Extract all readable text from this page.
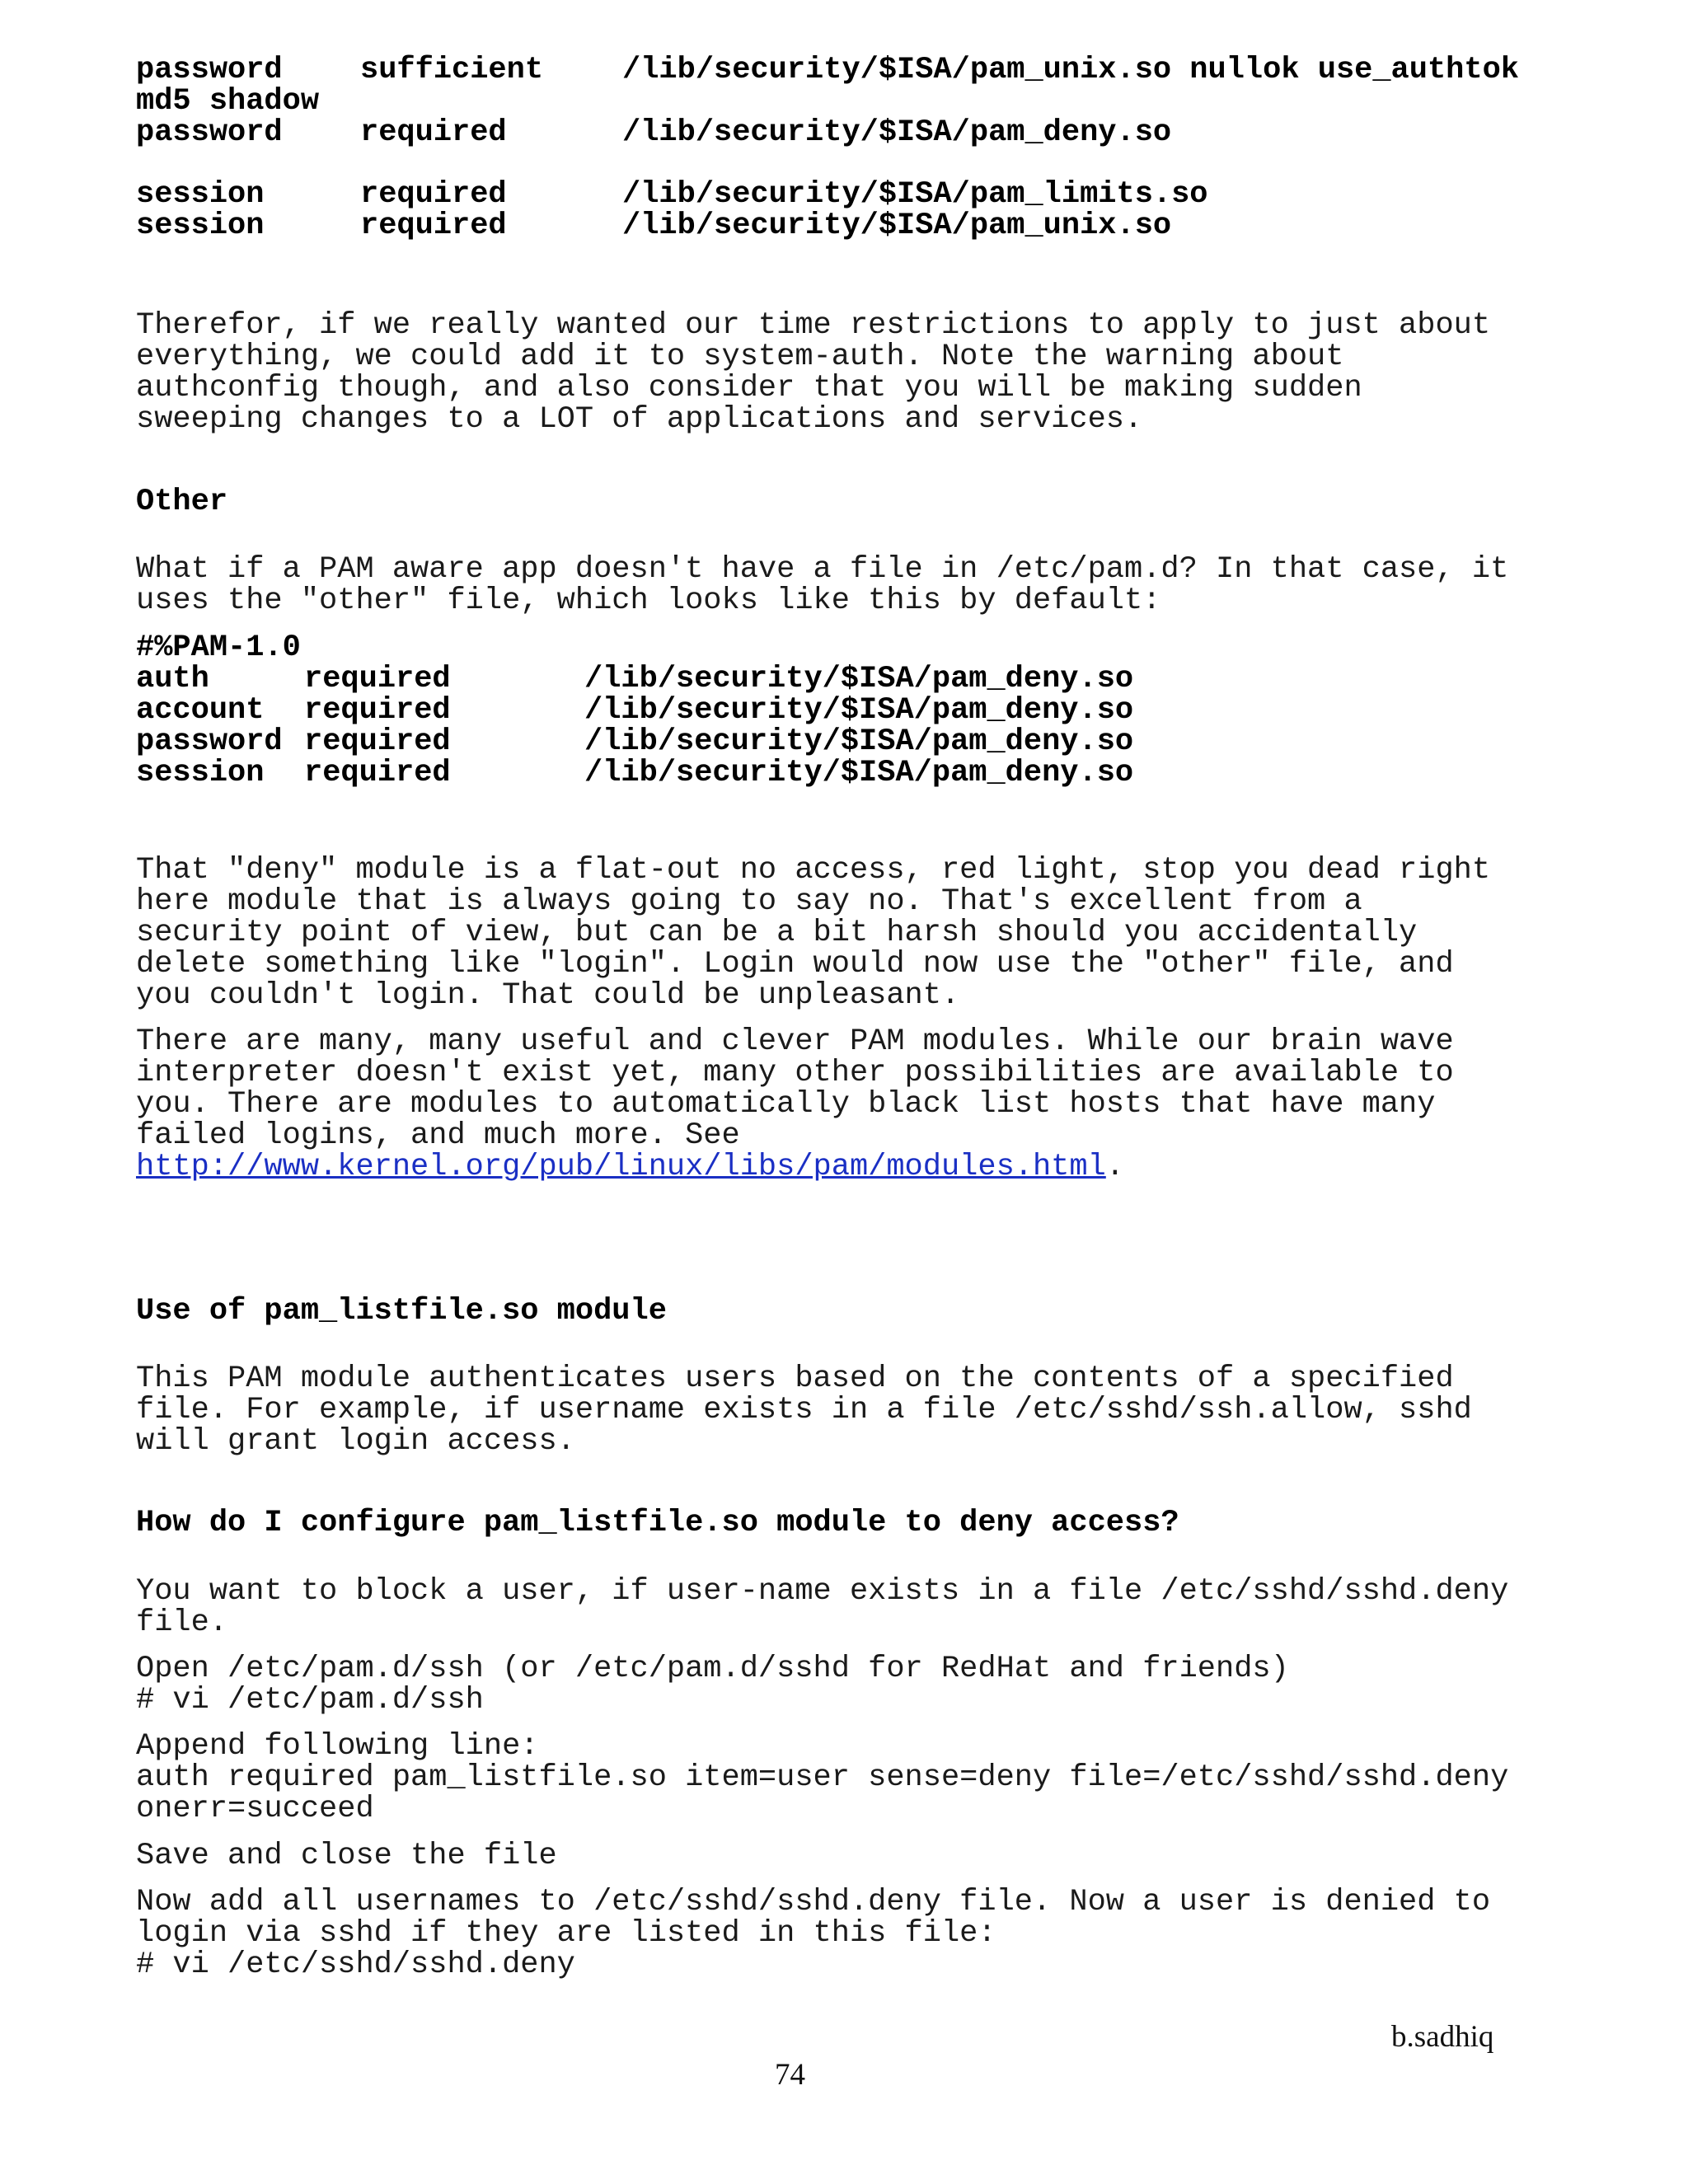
password	sufficient	/lib/security/$ISA/pam_unix.so nullok use_authtok
md5 shadow
password	required	/lib/security/$ISA/pam_deny.so
session	required	/lib/security/$ISA/pam_limits.so
session	required	/lib/security/$ISA/pam_unix.so
Therefor, if we really wanted our time restrictions to apply to just about
everything, we could add it to system-auth. Note the warning about
authconfig though, and also consider that you will be making sudden
sweeping changes to a LOT of applications and services.
Other
What if a PAM aware app doesn't have a file in /etc/pam.d? In that case, it
uses the "other" file, which looks like this by default:
#%PAM-1.0
auth	required	/lib/security/$ISA/pam_deny.so
account required	/lib/security/$ISA/pam_deny.so
password required	/lib/security/$ISA/pam_deny.so
session required	/lib/security/$ISA/pam_deny.so
That "deny" module is a flat-out no access, red light, stop you dead right
here module that is always going to say no. That's excellent from a
security point of view, but can be a bit harsh should you accidentally
delete something like "login". Login would now use the "other" file, and
you couldn't login. That could be unpleasant.
There are many, many useful and clever PAM modules. While our brain wave
interpreter doesn't exist yet, many other possibilities are available to
you. There are modules to automatically black list hosts that have many
failed logins, and much more. See
http://www.kernel.org/pub/linux/libs/pam/modules.html.
Use of pam_listfile.so module
This PAM module authenticates users based on the contents of a specified
file. For example, if username exists in a file /etc/sshd/ssh.allow, sshd
will grant login access.
How do I configure pam_listfile.so module to deny access?
You want to block a user, if user-name exists in a file /etc/sshd/sshd.deny
file.
Open /etc/pam.d/ssh (or /etc/pam.d/sshd for RedHat and friends)
# vi /etc/pam.d/ssh
Append following line:
auth required pam_listfile.so item=user sense=deny file=/etc/sshd/sshd.deny
onerr=succeed
Save and close the file
Now add all usernames to /etc/sshd/sshd.deny file. Now a user is denied to
login via sshd if they are listed in this file:
# vi /etc/sshd/sshd.deny
b.sadhiq
74
